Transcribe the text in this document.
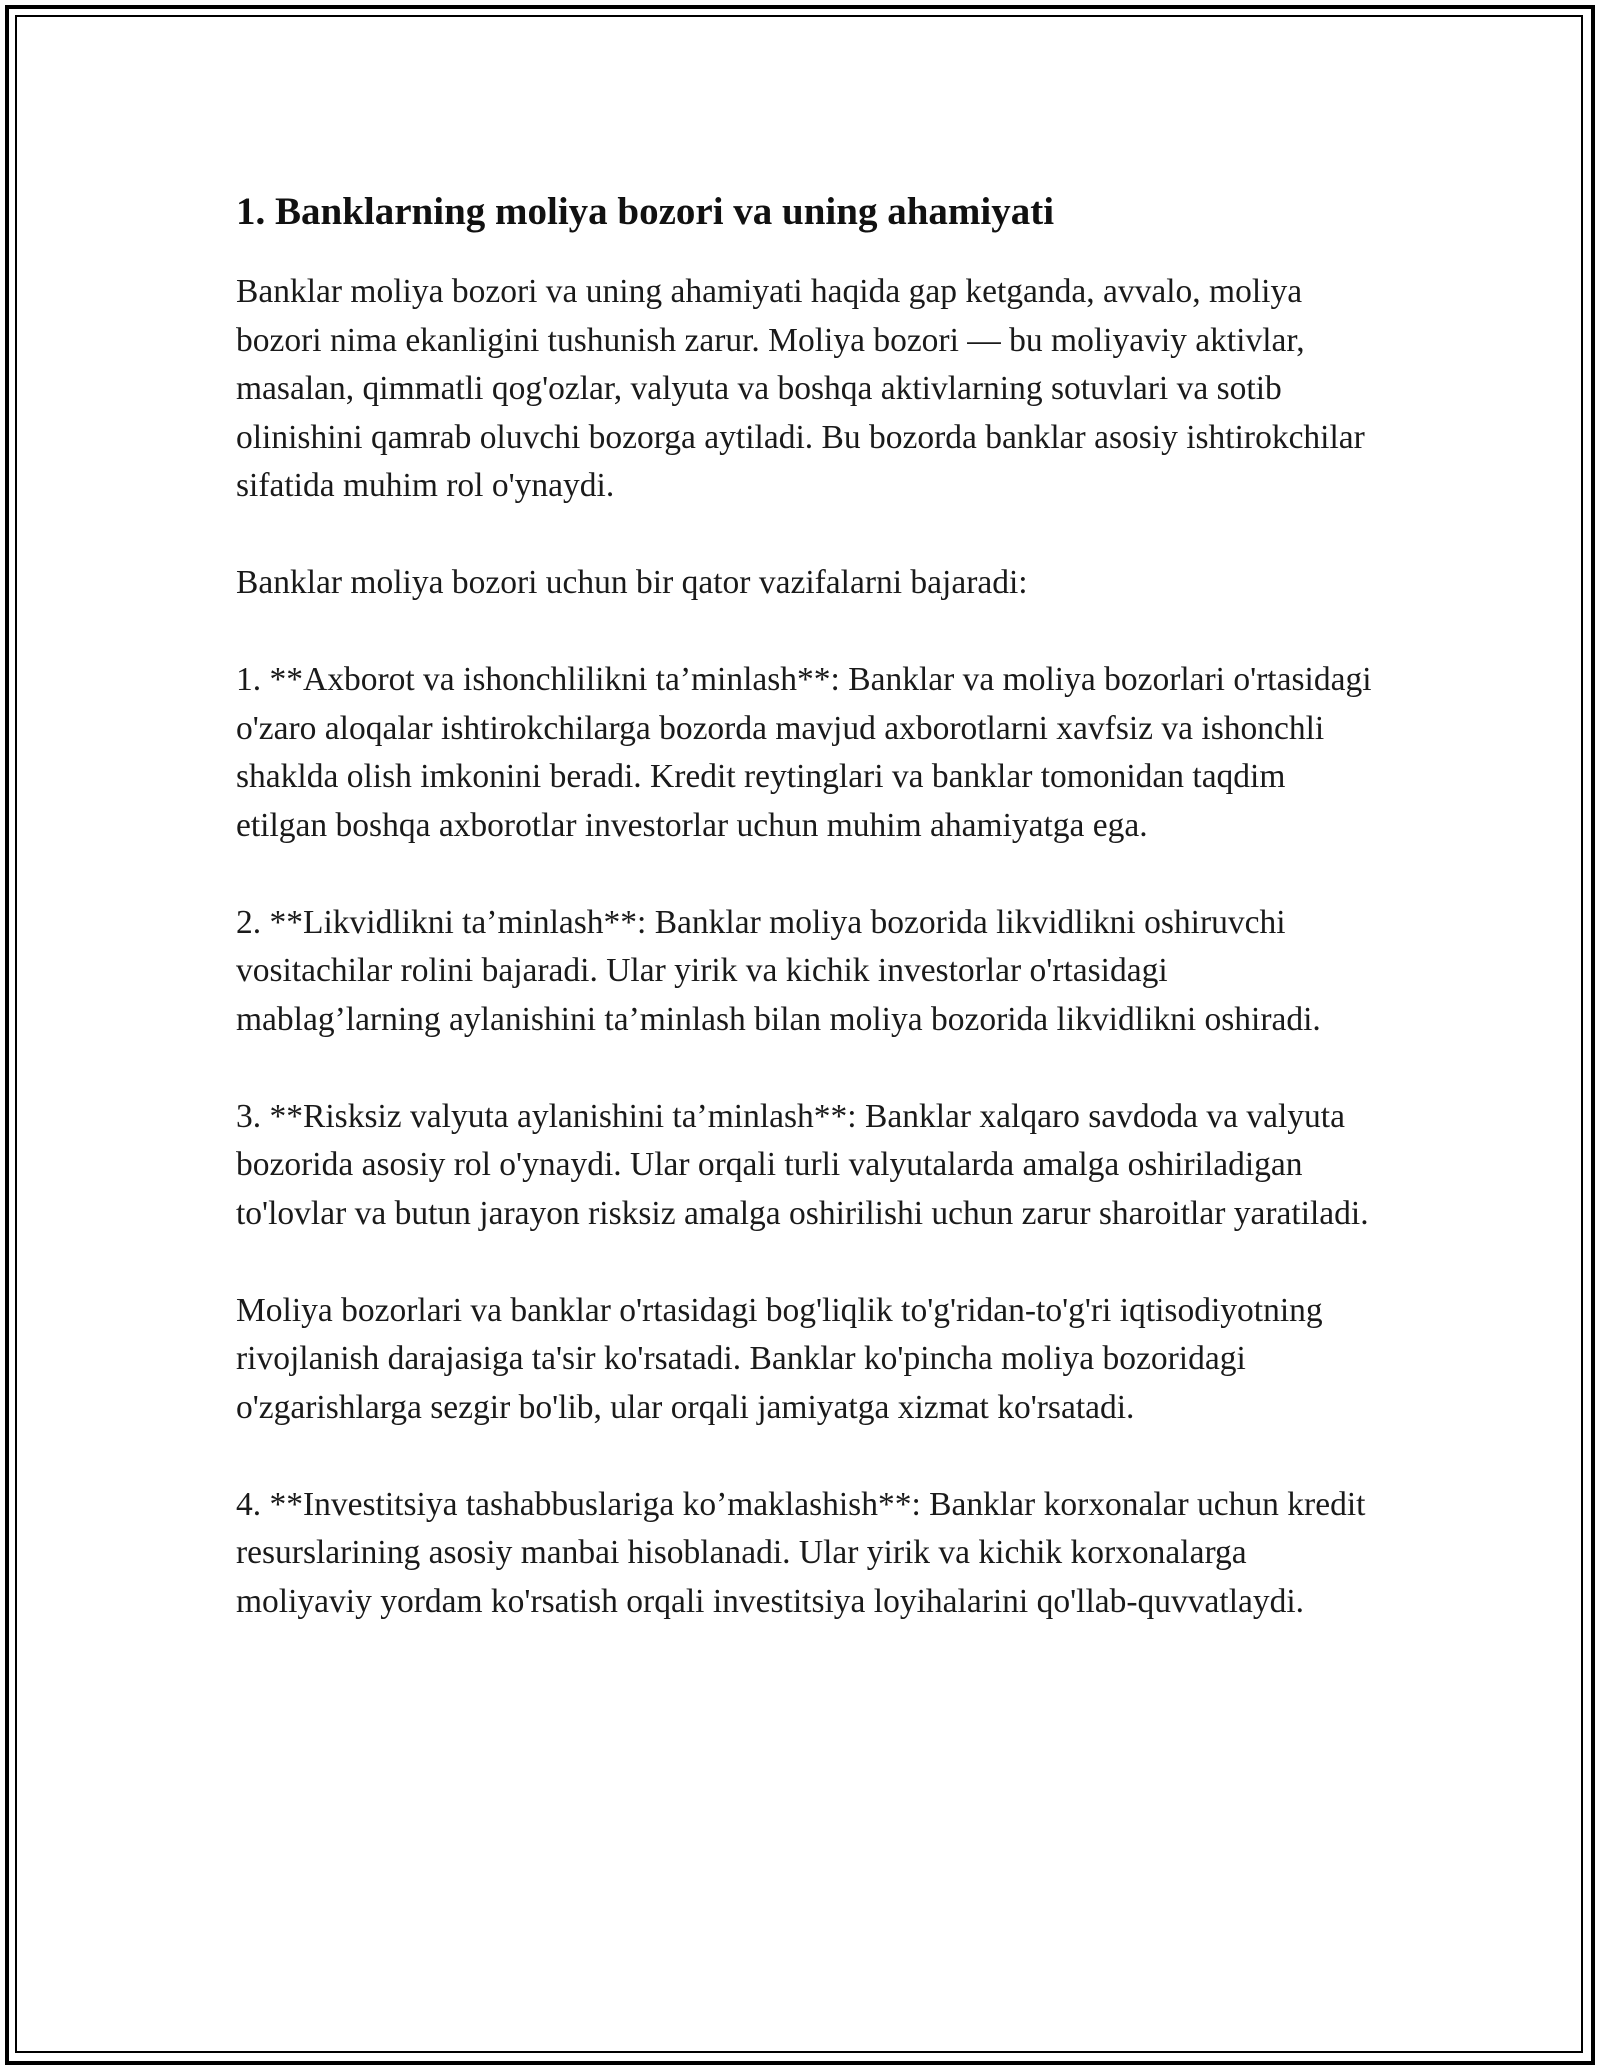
1. Banklarning moliya bozori va uning ahamiyati

Banklar moliya bozori va uning ahamiyati haqida gap ketganda, avvalo, moliya bozori nima ekanligini tushunish zarur. Moliya bozori — bu moliyaviy aktivlar, masalan, qimmatli qog'ozlar, valyuta va boshqa aktivlarning sotuvlari va sotib olinishini qamrab oluvchi bozorga aytiladi. Bu bozorda banklar asosiy ishtirokchilar sifatida muhim rol o'ynaydi.

Banklar moliya bozori uchun bir qator vazifalarni bajaradi:

1. **Axborot va ishonchlilikni ta’minlash**: Banklar va moliya bozorlari o'rtasidagi o'zaro aloqalar ishtirokchilarga bozorda mavjud axborotlarni xavfsiz va ishonchli shaklda olish imkonini beradi. Kredit reytinglari va banklar tomonidan taqdim etilgan boshqa axborotlar investorlar uchun muhim ahamiyatga ega.

2. **Likvidlikni ta’minlash**: Banklar moliya bozorida likvidlikni oshiruvchi vositachilar rolini bajaradi. Ular yirik va kichik investorlar o'rtasidagi mablag’larning aylanishini ta’minlash bilan moliya bozorida likvidlikni oshiradi.

3. **Risksiz valyuta aylanishini ta’minlash**: Banklar xalqaro savdoda va valyuta bozorida asosiy rol o'ynaydi. Ular orqali turli valyutalarda amalga oshiriladigan to'lovlar va butun jarayon risksiz amalga oshirilishi uchun zarur sharoitlar yaratiladi.

Moliya bozorlari va banklar o'rtasidagi bog'liqlik to'g'ridan-to'g'ri iqtisodiyotning rivojlanish darajasiga ta'sir ko'rsatadi. Banklar ko'pincha moliya bozoridagi o'zgarishlarga sezgir bo'lib, ular orqali jamiyatga xizmat ko'rsatadi.

4. **Investitsiya tashabbuslariga ko’maklashish**: Banklar korxonalar uchun kredit resurslarining asosiy manbai hisoblanadi. Ular yirik va kichik korxonalarga moliyaviy yordam ko'rsatish orqali investitsiya loyihalarini qo'llab-quvvatlaydi.
